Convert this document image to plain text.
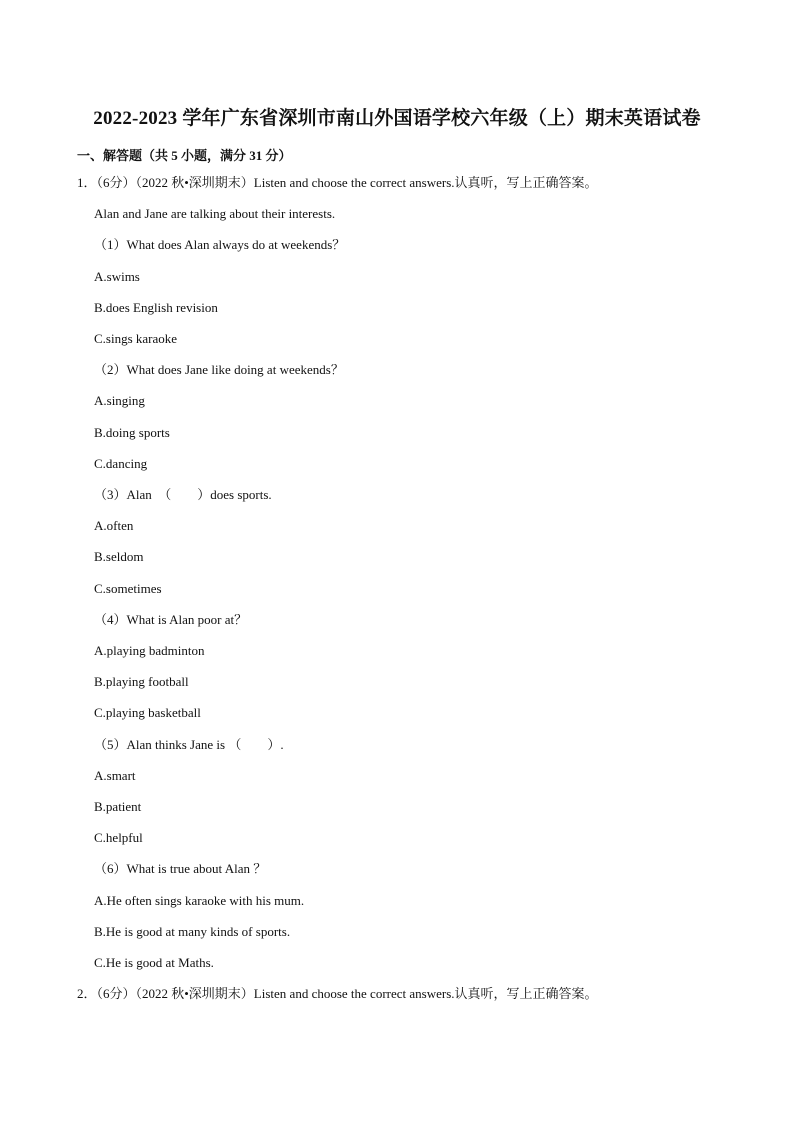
2022-2023 学年广东省深圳市南山外国语学校六年级（上）期末英语试卷
一、解答题（共 5 小题，满分 31 分）
1．（6分）（2022 秋•深圳期末）Listen and choose the correct answers.认真听，写上正确答案。
Alan and Jane are talking about their interests.
（1）What does Alan always do at weekends？
A.swims
B.does English revision
C.sings karaoke
（2）What does Jane like doing at weekends？
A.singing
B.doing sports
C.dancing
（3）Alan　（　　）does sports.
A.often
B.seldom
C.sometimes
（4）What is Alan poor at？
A.playing badminton
B.playing football
C.playing basketball
（5）Alan thinks Jane is （　　）.
A.smart
B.patient
C.helpful
（6）What is true about Alan ？
A.He often sings karaoke with his mum.
B.He is good at many kinds of sports.
C.He is good at Maths.
2．（6分）（2022 秋•深圳期末）Listen and choose the correct answers.认真听，写上正确答案。
